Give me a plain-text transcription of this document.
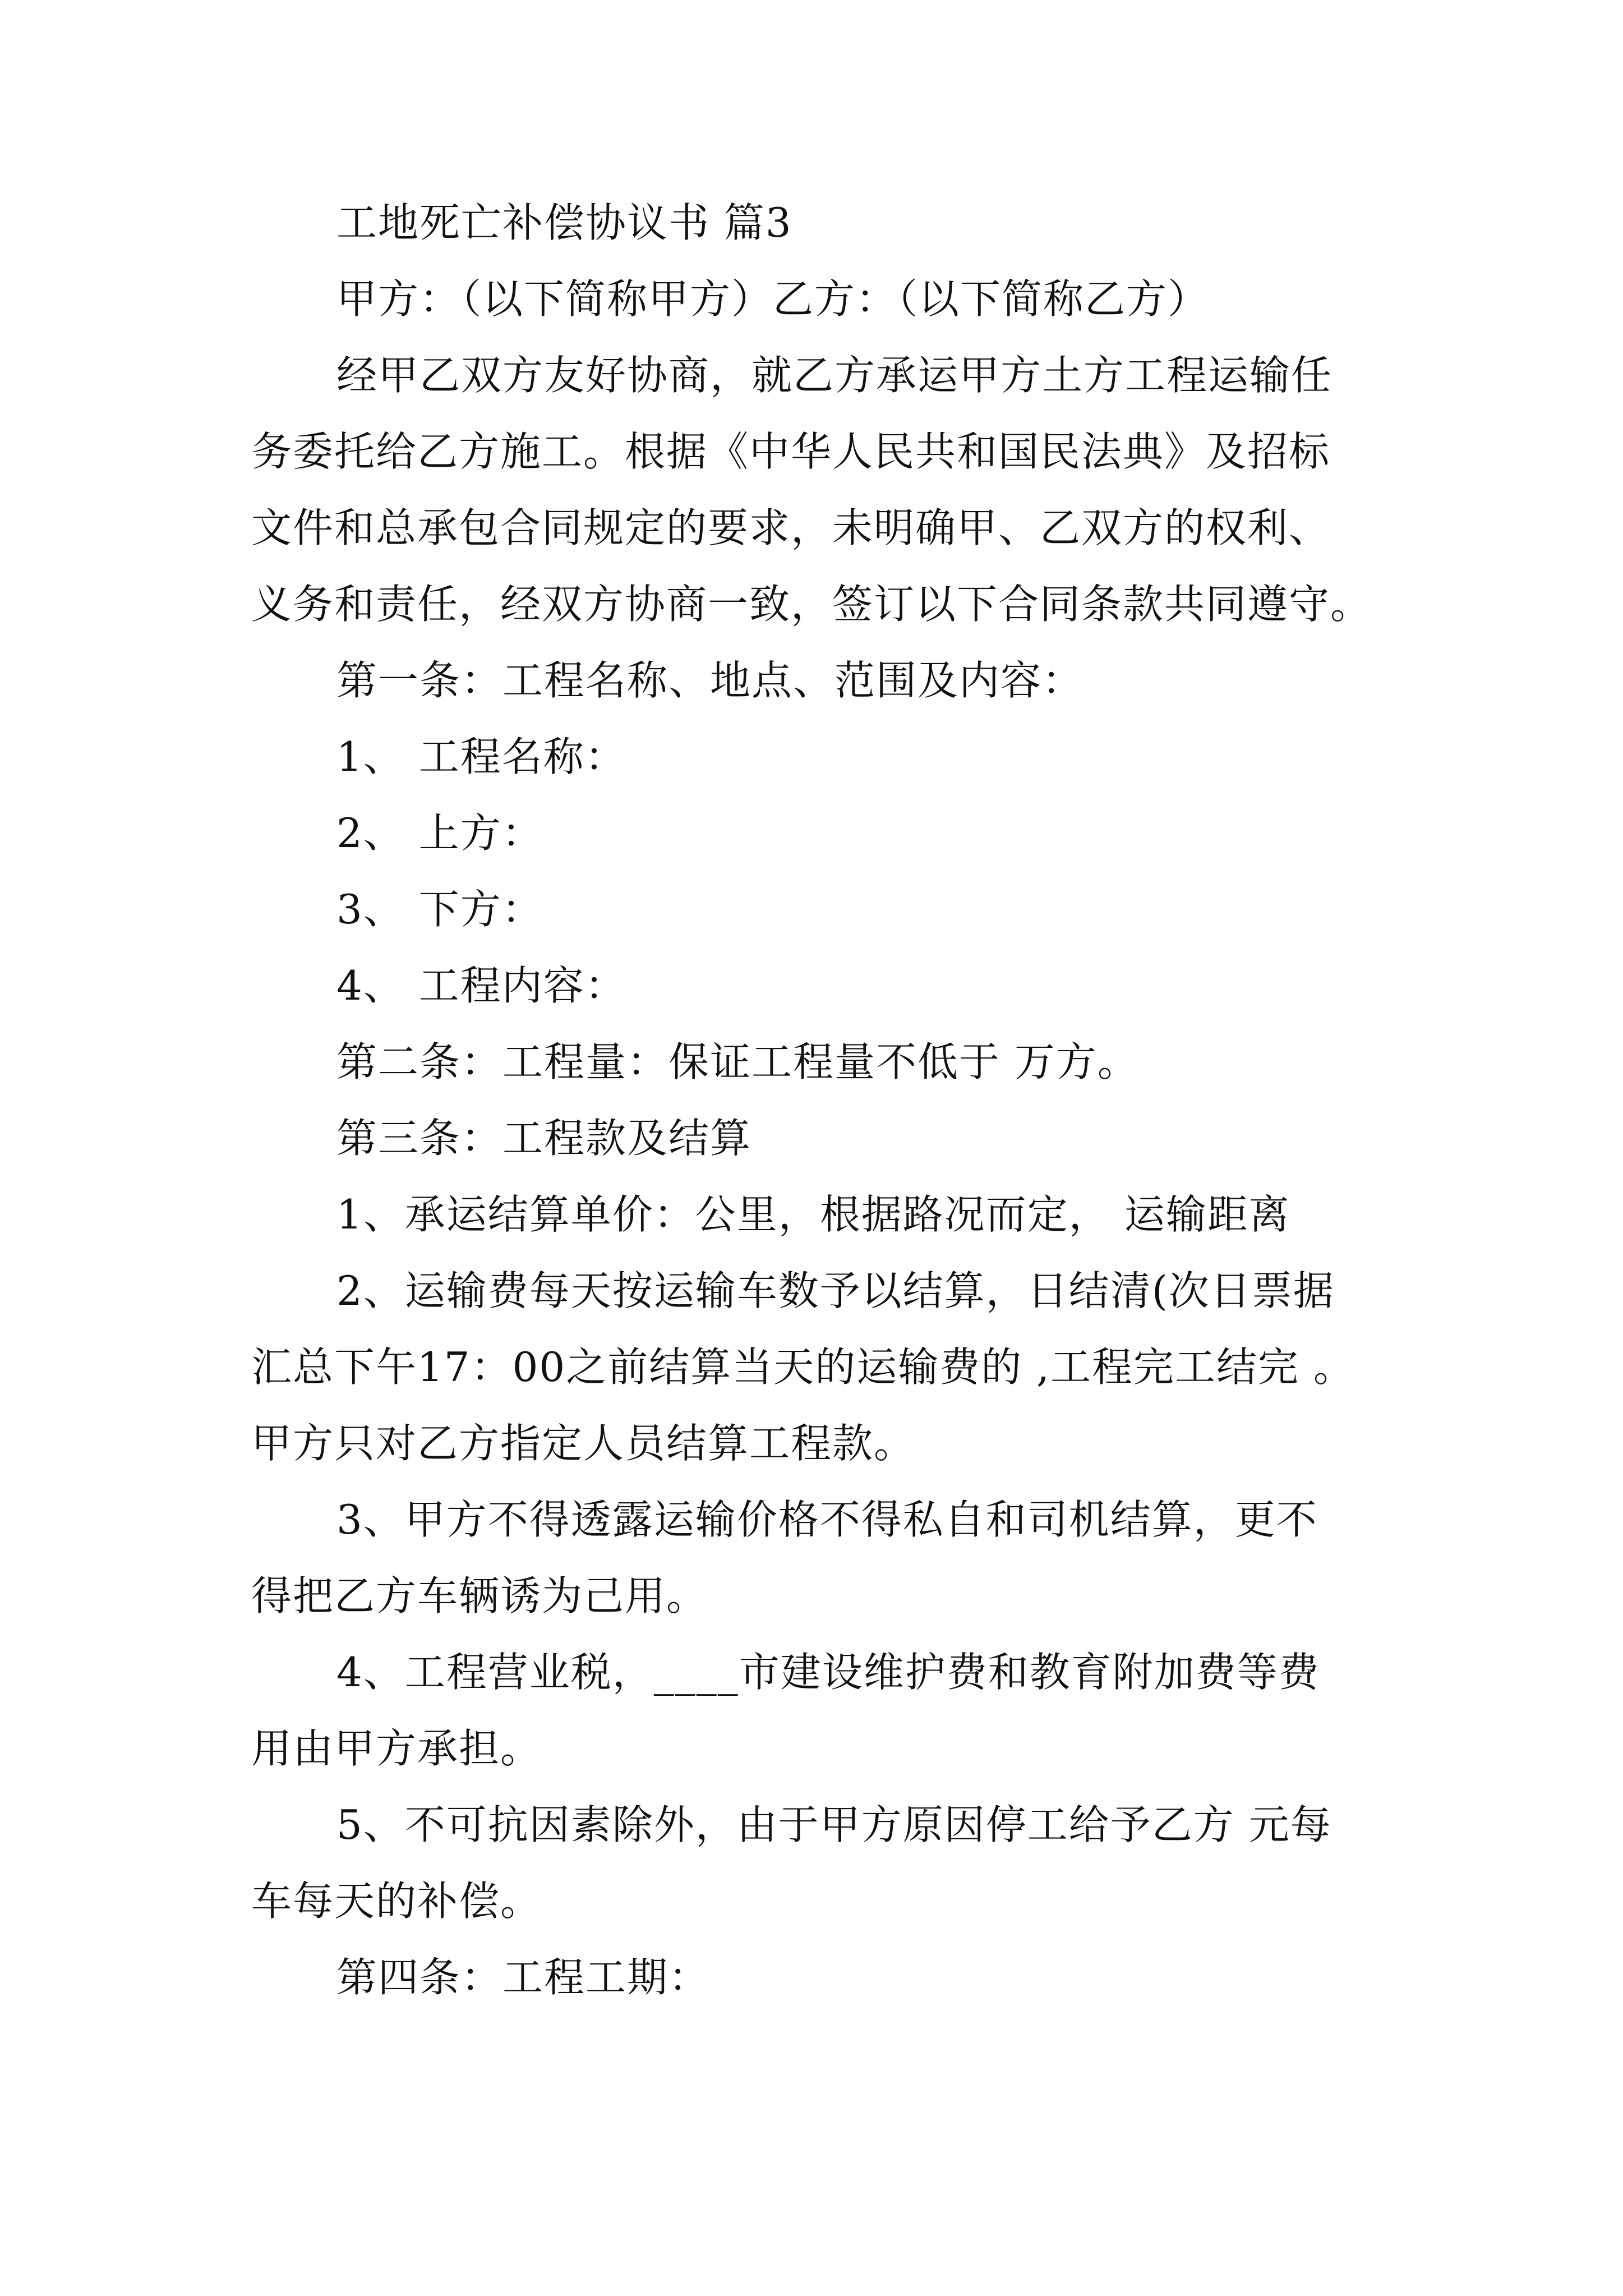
工地死亡补偿协议书 篇3
甲方：（以下简称甲方）乙方：（以下简称乙方）
经甲乙双方友好协商，就乙方承运甲方土方工程运输任
务委托给乙方施工。根据《中华人民共和国民法典》及招标
文件和总承包合同规定的要求，未明确甲、乙双方的权利、
义务和责任，经双方协商一致，签订以下合同条款共同遵守。
第一条：工程名称、地点、范围及内容：
1、 工程名称：
2、 上方：
3、 下方：
4、 工程内容：
第二条：工程量：保证工程量不低于 万方。
第三条：工程款及结算
1、承运结算单价：公里，根据路况而定， 运输距离
2、运输费每天按运输车数予以结算，日结清(次日票据
汇总下午17：00之前结算当天的运输费的 ,工程完工结完 。
甲方只对乙方指定人员结算工程款。
3、甲方不得透露运输价格不得私自和司机结算，更不
得把乙方车辆诱为己用。
4、工程营业税，____市建设维护费和教育附加费等费
用由甲方承担。
5、不可抗因素除外，由于甲方原因停工给予乙方 元每
车每天的补偿。
第四条：工程工期：
